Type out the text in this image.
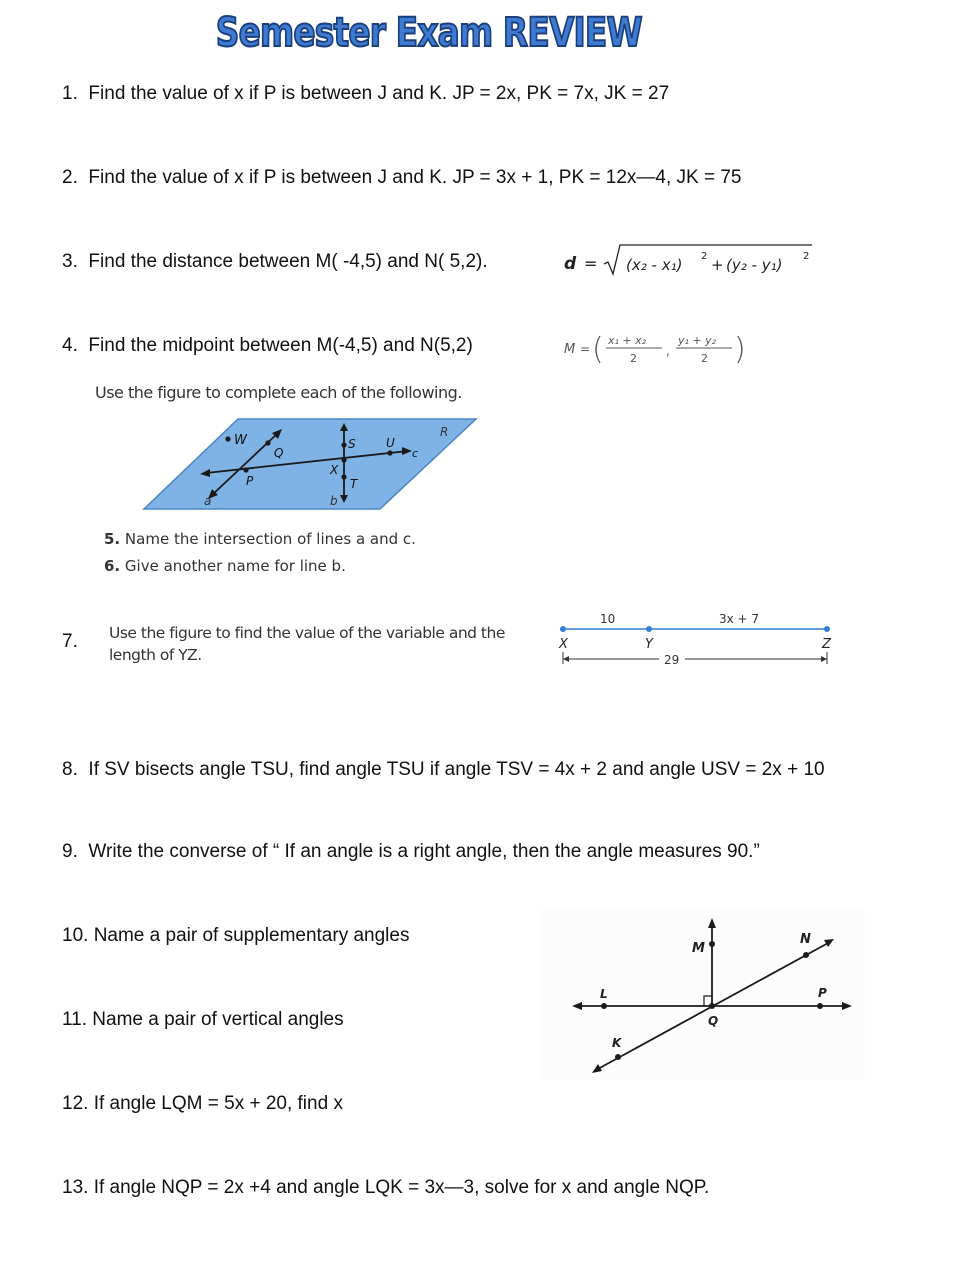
Semester Exam REVIEW
1. Find the value of x if P is between J and K. JP = 2x, PK = 7x, JK = 27
2. Find the value of x if P is between J and K. JP = 3x + 1, PK = 12x—4, JK = 75
3. Find the distance between M( -4,5) and N( 5,2).	d = (x₂ - x₁) 2 + (y₂ - y₁) 2
4. Find the midpoint between M(-4,5) and N(5,2)	M = ( x₁ + x₂
2
,
y₁ + y₂
2 )
Use the figure to complete each of the following.
W
Q
S	U
R
c
X
P	T
a	b
5. Name the intersection of lines a and c.
6. Give another name for line b.
7. Use the figure to find the value of the variable and the
length of YZ.
10	3x + 7
X	Y	Z
29
8. If SV bisects angle TSU, find angle TSU if angle TSV = 4x + 2 and angle USV = 2x + 10
9. Write the converse of “ If an angle is a right angle, then the angle measures 90.”
10. Name a pair of supplementary angles
11. Name a pair of vertical angles
12. If angle LQM = 5x + 20, find x
13. If angle NQP = 2x +4 and angle LQK = 3x—3, solve for x and angle NQP.
M
N
L	P
Q
K
